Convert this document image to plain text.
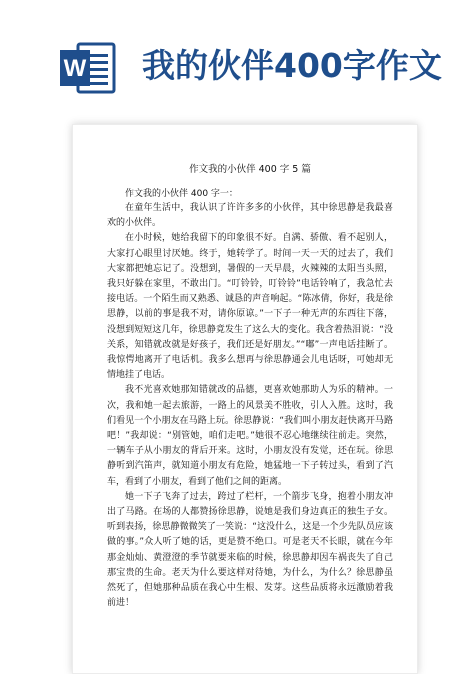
W 我的伙伴400字作文

作文我的小伙伴 400 字 5 篇

作文我的小伙伴 400 字一：

在童年生活中，我认识了许许多多的小伙伴，其中徐思静是我最喜欢的小伙伴。

在小时候，她给我留下的印象很不好。自满、骄傲、看不起别人，大家打心眼里讨厌她。终于，她转学了。时间一天一天的过去了，我们大家都把她忘记了。没想到，暑假的一天早晨，火辣辣的太阳当头照，我只好躲在家里，不敢出门。“叮铃铃，叮铃铃”电话铃响了，我急忙去接电话。一个陌生而又熟悉、诚恳的声音响起。“陈冰倩，你好，我是徐思静，以前的事是我不对，请你原谅。”一下子一种无声的东西往下落，没想到短短这几年，徐思静竟发生了这么大的变化。我含着热泪说：“没关系，知错就改就是好孩子，我们还是好朋友。”“嘟”一声电话挂断了。我惊愕地离开了电话机。我多么想再与徐思静通会儿电话呀，可她却无情地挂了电话。

我不光喜欢她那知错就改的品德，更喜欢她那助人为乐的精神。一次，我和她一起去旅游，一路上的风景美不胜收，引人入胜。这时，我们看见一个小朋友在马路上玩。徐思静说：“我们叫小朋友赶快离开马路吧！”我却说：“别管她，咱们走吧。”她很不忍心地继续往前走。突然，一辆车子从小朋友的背后开来。这时，小朋友没有发觉，还在玩。徐思静听到汽笛声，就知道小朋友有危险，她猛地一下子转过头，看到了汽车，看到了小朋友，看到了他们之间的距离。

她一下子飞奔了过去，跨过了栏杆，一个箭步飞身，抱着小朋友冲出了马路。在场的人都赞扬徐思静，说她是我们身边真正的独生子女。听到表扬，徐思静微微笑了一笑说：“这没什么，这是一个少先队员应该做的事。”众人听了她的话，更是赞不绝口。可是老天不长眼，就在今年那金灿灿、黄澄澄的季节就要来临的时候，徐思静却因车祸丧失了自己那宝贵的生命。老天为什么要这样对待她，为什么，为什么？徐思静虽然死了，但她那种品质在我心中生根、发芽。这些品质将永远激励着我前进！
